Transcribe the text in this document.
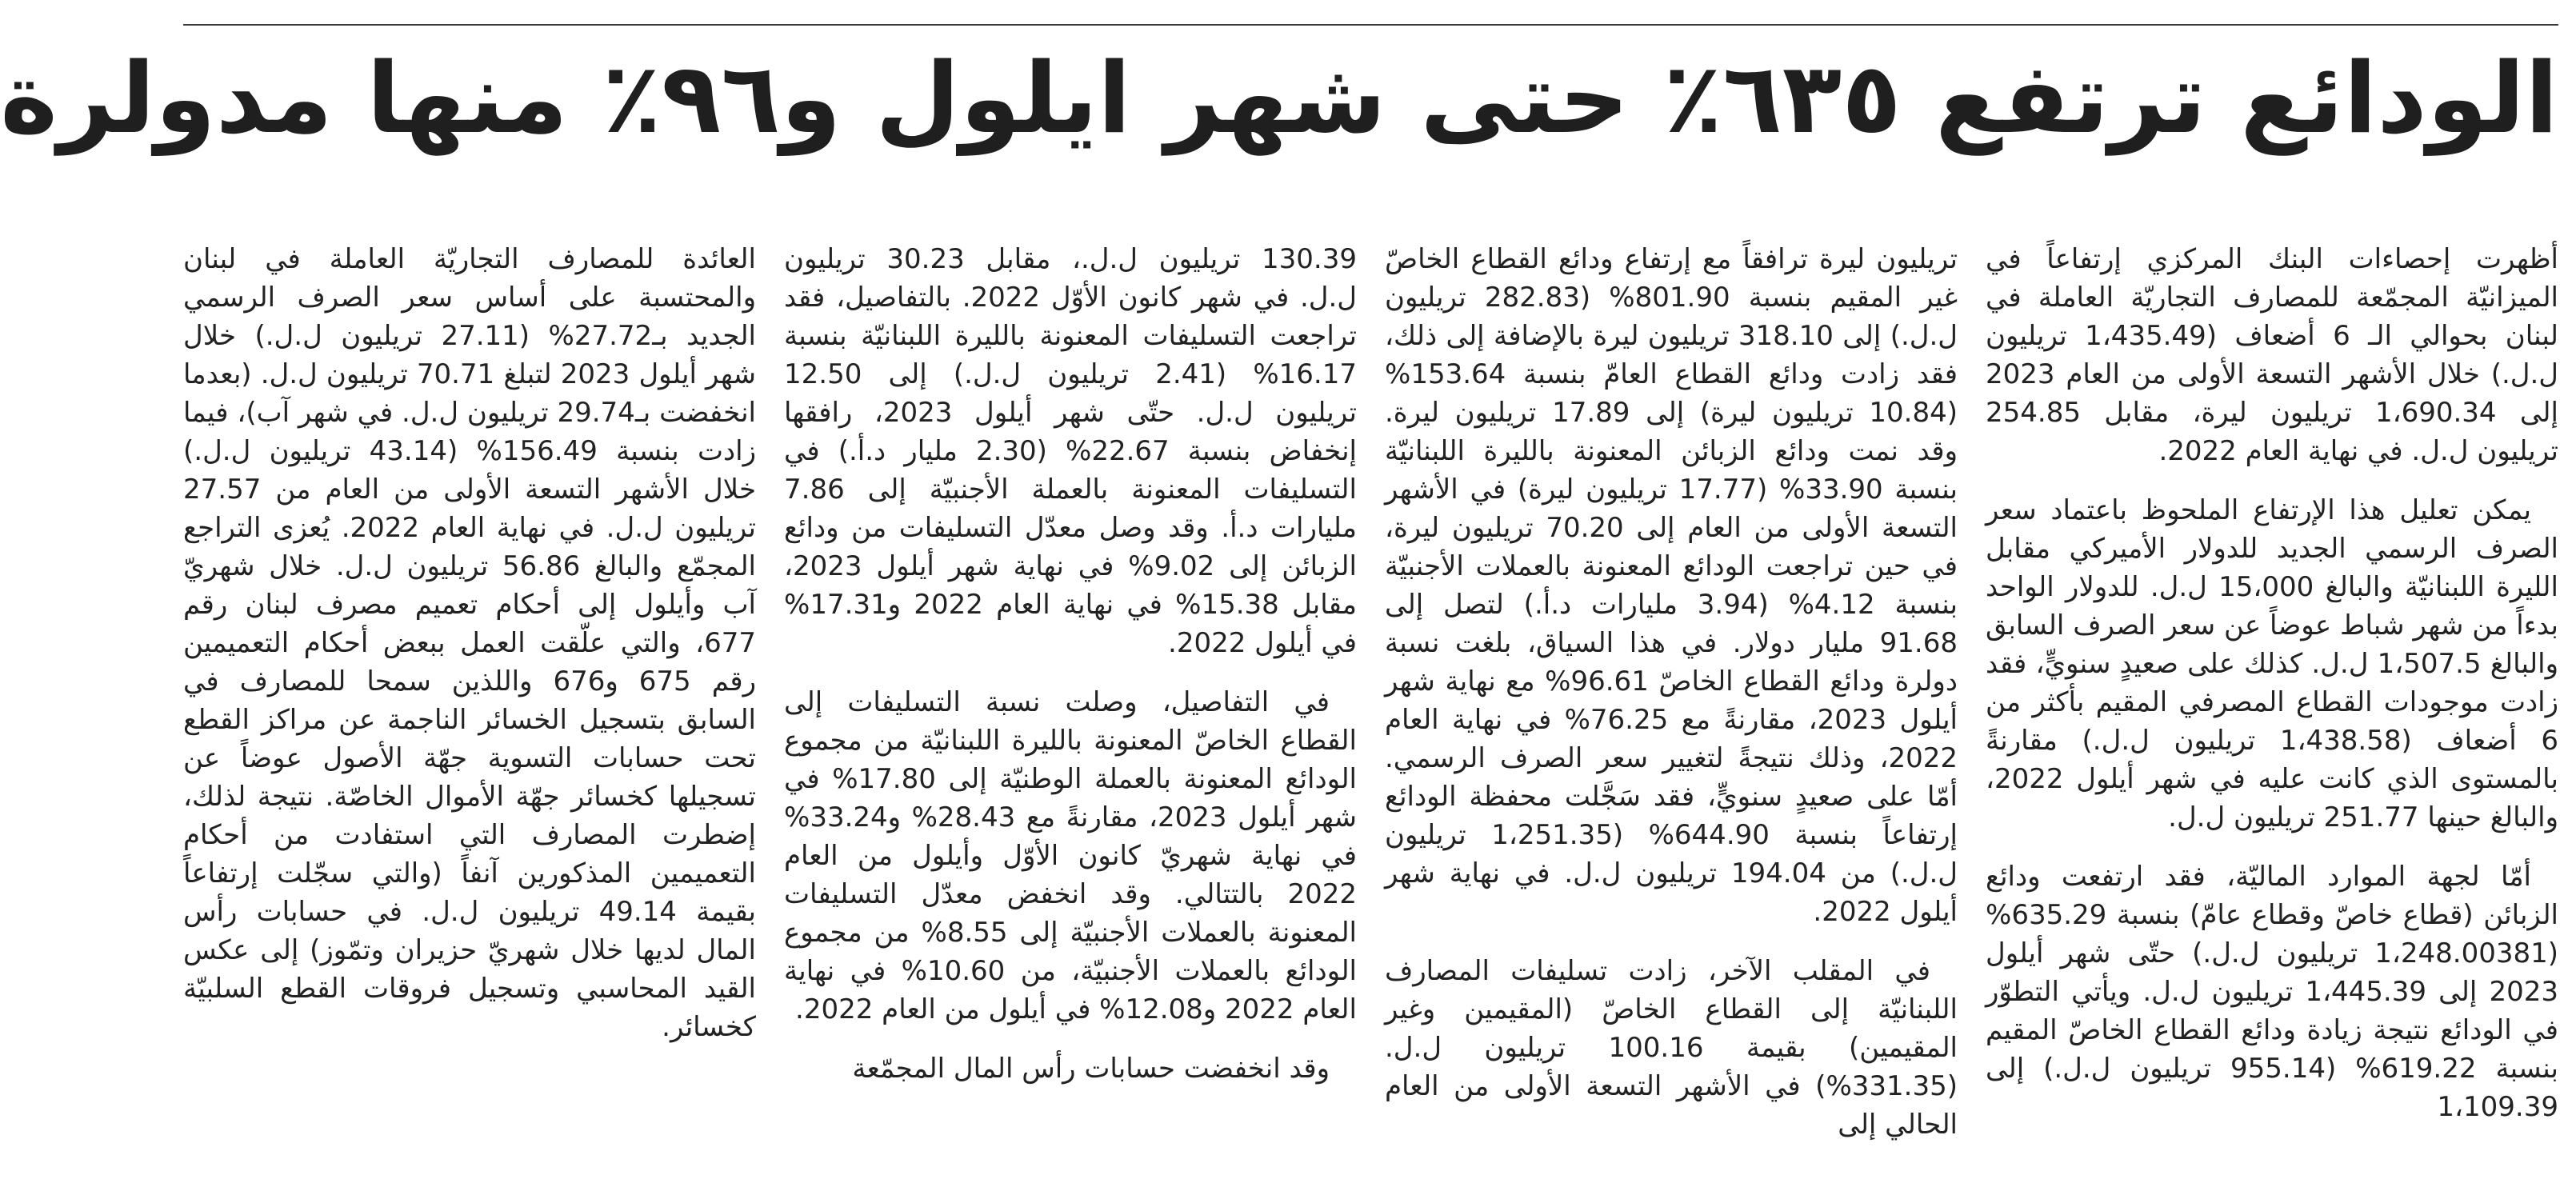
الودائع ترتفع ٦٣٥٪ حتى شهر ايلول و٩٦٪ منها مدولرة

أظهرت إحصاءات البنك المركزي إرتفاعاً في الميزانيّة المجمّعة للمصارف التجاريّة العاملة في لبنان بحوالي الـ 6 أضعاف (1،435.49 تريليون ل.ل.) خلال الأشهر التسعة الأولى من العام 2023 إلى 1،690.34 تريليون ليرة، مقابل 254.85 تريليون ل.ل. في نهاية العام 2022.

يمكن تعليل هذا الإرتفاع الملحوظ باعتماد سعر الصرف الرسمي الجديد للدولار الأميركي مقابل الليرة اللبنانيّة والبالغ 15،000 ل.ل. للدولار الواحد بدءاً من شهر شباط عوضاً عن سعر الصرف السابق والبالغ 1،507.5 ل.ل. كذلك على صعيدٍ سنويٍّ، فقد زادت موجودات القطاع المصرفي المقيم بأكثر من 6 أضعاف (1،438.58 تريليون ل.ل.) مقارنةً بالمستوى الذي كانت عليه في شهر أيلول 2022، والبالغ حينها 251.77 تريليون ل.ل.

أمّا لجهة الموارد الماليّة، فقد ارتفعت ودائع الزبائن (قطاع خاصّ وقطاع عامّ) بنسبة 635.29% (1،248.00381 تريليون ل.ل.) حتّى شهر أيلول 2023 إلى 1،445.39 تريليون ل.ل. ويأتي التطوّر في الودائع نتيجة زيادة ودائع القطاع الخاصّ المقيم بنسبة 619.22% (955.14 تريليون ل.ل.) إلى 1،109.39

تريليون ليرة ترافقاً مع إرتفاع ودائع القطاع الخاصّ غير المقيم بنسبة 801.90% (282.83 تريليون ل.ل.) إلى 318.10 تريليون ليرة بالإضافة إلى ذلك، فقد زادت ودائع القطاع العامّ بنسبة 153.64% (10.84 تريليون ليرة) إلى 17.89 تريليون ليرة. وقد نمت ودائع الزبائن المعنونة بالليرة اللبنانيّة بنسبة 33.90% (17.77 تريليون ليرة) في الأشهر التسعة الأولى من العام إلى 70.20 تريليون ليرة، في حين تراجعت الودائع المعنونة بالعملات الأجنبيّة بنسبة 4.12% (3.94 مليارات د.أ.) لتصل إلى 91.68 مليار دولار. في هذا السياق، بلغت نسبة دولرة ودائع القطاع الخاصّ 96.61% مع نهاية شهر أيلول 2023، مقارنةً مع 76.25% في نهاية العام 2022، وذلك نتيجةً لتغيير سعر الصرف الرسمي. أمّا على صعيدٍ سنويٍّ، فقد سَجَّلت محفظة الودائع إرتفاعاً بنسبة 644.90% (1،251.35 تريليون ل.ل.) من 194.04 تريليون ل.ل. في نهاية شهر أيلول 2022.

في المقلب الآخر، زادت تسليفات المصارف اللبنانيّة إلى القطاع الخاصّ (المقيمين وغير المقيمين) بقيمة 100.16 تريليون ل.ل. (331.35%) في الأشهر التسعة الأولى من العام الحالي إلى

130.39 تريليون ل.ل.، مقابل 30.23 تريليون ل.ل. في شهر كانون الأوّل 2022. بالتفاصيل، فقد تراجعت التسليفات المعنونة بالليرة اللبنانيّة بنسبة 16.17% (2.41 تريليون ل.ل.) إلى 12.50 تريليون ل.ل. حتّى شهر أيلول 2023، رافقها إنخفاض بنسبة 22.67% (2.30 مليار د.أ.) في التسليفات المعنونة بالعملة الأجنبيّة إلى 7.86 مليارات د.أ. وقد وصل معدّل التسليفات من ودائع الزبائن إلى 9.02% في نهاية شهر أيلول 2023، مقابل 15.38% في نهاية العام 2022 و17.31% في أيلول 2022.

في التفاصيل، وصلت نسبة التسليفات إلى القطاع الخاصّ المعنونة بالليرة اللبنانيّة من مجموع الودائع المعنونة بالعملة الوطنيّة إلى 17.80% في شهر أيلول 2023، مقارنةً مع 28.43% و33.24% في نهاية شهريّ كانون الأوّل وأيلول من العام 2022 بالتتالي. وقد انخفض معدّل التسليفات المعنونة بالعملات الأجنبيّة إلى 8.55% من مجموع الودائع بالعملات الأجنبيّة، من 10.60% في نهاية العام 2022 و12.08% في أيلول من العام 2022.

وقد انخفضت حسابات رأس المال المجمّعة

العائدة للمصارف التجاريّة العاملة في لبنان والمحتسبة على أساس سعر الصرف الرسمي الجديد بـ27.72% (27.11 تريليون ل.ل.) خلال شهر أيلول 2023 لتبلغ 70.71 تريليون ل.ل. (بعدما انخفضت بـ29.74 تريليون ل.ل. في شهر آب)، فيما زادت بنسبة 156.49% (43.14 تريليون ل.ل.) خلال الأشهر التسعة الأولى من العام من 27.57 تريليون ل.ل. في نهاية العام 2022. يُعزى التراجع المجمّع والبالغ 56.86 تريليون ل.ل. خلال شهريّ آب وأيلول إلى أحكام تعميم مصرف لبنان رقم 677، والتي علّقت العمل ببعض أحكام التعميمين رقم 675 و676 واللذين سمحا للمصارف في السابق بتسجيل الخسائر الناجمة عن مراكز القطع تحت حسابات التسوية جهّة الأصول عوضاً عن تسجيلها كخسائر جهّة الأموال الخاصّة. نتيجة لذلك، إضطرت المصارف التي استفادت من أحكام التعميمين المذكورين آنفاً (والتي سجّلت إرتفاعاً بقيمة 49.14 تريليون ل.ل. في حسابات رأس المال لديها خلال شهريّ حزيران وتمّوز) إلى عكس القيد المحاسبي وتسجيل فروقات القطع السلبيّة كخسائر.
